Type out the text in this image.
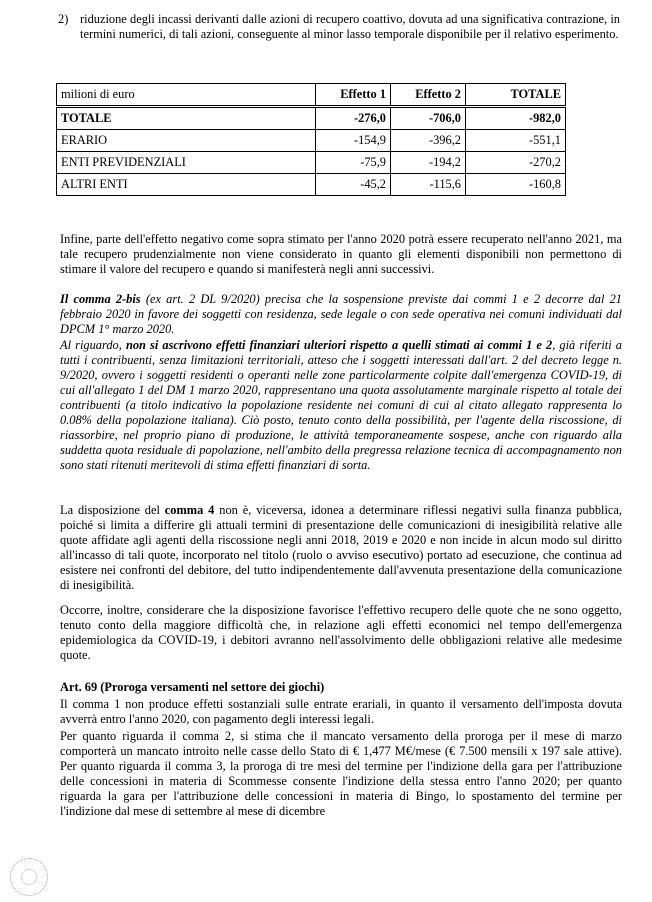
2) riduzione degli incassi derivanti dalle azioni di recupero coattivo, dovuta ad una significativa contrazione, in termini numerici, di tali azioni, conseguente al minor lasso temporale disponibile per il relativo esperimento.

milioni di euro	Effetto 1	Effetto 2	TOTALE
TOTALE	-276,0	-706,0	-982,0
ERARIO	-154,9	-396,2	-551,1
ENTI PREVIDENZIALI	-75,9	-194,2	-270,2
ALTRI ENTI	-45,2	-115,6	-160,8

Infine, parte dell'effetto negativo come sopra stimato per l'anno 2020 potrà essere recuperato nell'anno 2021, ma tale recupero prudenzialmente non viene considerato in quanto gli elementi disponibili non permettono di stimare il valore del recupero e quando si manifesterà negli anni successivi.

Il comma 2-bis (ex art. 2 DL 9/2020) precisa che la sospensione previste dai commi 1 e 2 decorre dal 21 febbraio 2020 in favore dei soggetti con residenza, sede legale o con sede operativa nei comuni individuati dal DPCM 1° marzo 2020.

Al riguardo, non si ascrivono effetti finanziari ulteriori rispetto a quelli stimati ai commi 1 e 2, già riferiti a tutti i contribuenti, senza limitazioni territoriali, atteso che i soggetti interessati dall'art. 2 del decreto legge n. 9/2020, ovvero i soggetti residenti o operanti nelle zone particolarmente colpite dall'emergenza COVID-19, di cui all'allegato 1 del DM 1 marzo 2020, rappresentano una quota assolutamente marginale rispetto al totale dei contribuenti (a titolo indicativo la popolazione residente nei comuni di cui al citato allegato rappresenta lo 0.08% della popolazione italiana). Ciò posto, tenuto conto della possibilità, per l'agente della riscossione, di riassorbire, nel proprio piano di produzione, le attività temporaneamente sospese, anche con riguardo alla suddetta quota residuale di popolazione, nell'ambito della pregressa relazione tecnica di accompagnamento non sono stati ritenuti meritevoli di stima effetti finanziari di sorta.

La disposizione del comma 4 non è, viceversa, idonea a determinare riflessi negativi sulla finanza pubblica, poiché si limita a differire gli attuali termini di presentazione delle comunicazioni di inesigibilità relative alle quote affidate agli agenti della riscossione negli anni 2018, 2019 e 2020 e non incide in alcun modo sul diritto all'incasso di tali quote, incorporato nel titolo (ruolo o avviso esecutivo) portato ad esecuzione, che continua ad esistere nei confronti del debitore, del tutto indipendentemente dall'avvenuta presentazione della comunicazione di inesigibilità.

Occorre, inoltre, considerare che la disposizione favorisce l'effettivo recupero delle quote che ne sono oggetto, tenuto conto della maggiore difficoltà che, in relazione agli effetti economici nel tempo dell'emergenza epidemiologica da COVID-19, i debitori avranno nell'assolvimento delle obbligazioni relative alle medesime quote.

Art. 69 (Proroga versamenti nel settore dei giochi)

Il comma 1 non produce effetti sostanziali sulle entrate erariali, in quanto il versamento dell'imposta dovuta avverrà entro l'anno 2020, con pagamento degli interessi legali.

Per quanto riguarda il comma 2, si stima che il mancato versamento della proroga per il mese di marzo comporterà un mancato introito nelle casse dello Stato di € 1,477 M€/mese (€ 7.500 mensili x 197 sale attive). Per quanto riguarda il comma 3, la proroga di tre mesi del termine per l'indizione della gara per l'attribuzione delle concessioni in materia di Scommesse consente l'indizione della stessa entro l'anno 2020; per quanto riguarda la gara per l'attribuzione delle concessioni in materia di Bingo, lo spostamento del termine per l'indizione dal mese di settembre al mese di dicembre
